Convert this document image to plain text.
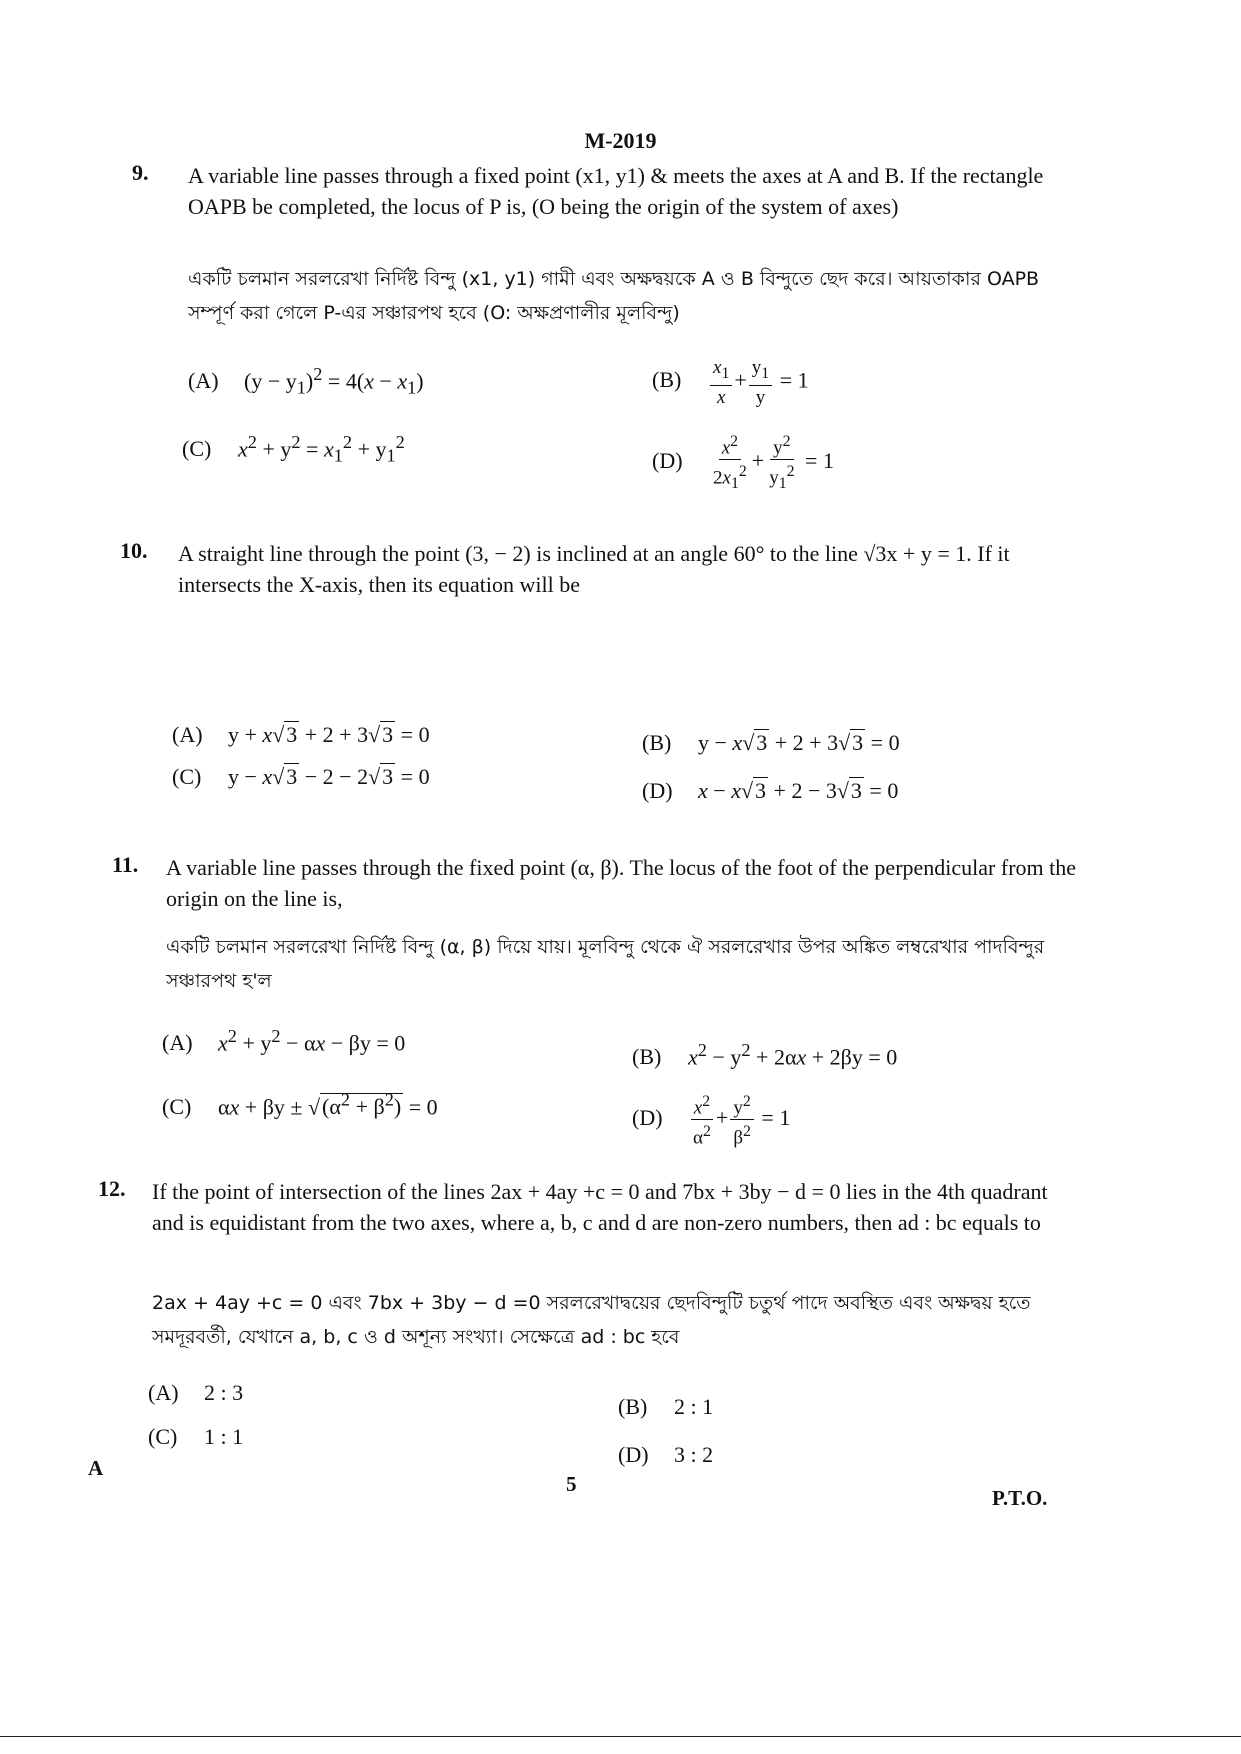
M-2019
9. A variable line passes through a fixed point (x1, y1) & meets the axes at A and B. If the rectangle OAPB be completed, the locus of P is, (O being the origin of the system of axes)
একটি চলমান সরলরেখা নির্দিষ্ট বিন্দু (x1, y1) গামী এবং অক্ষদ্বয়কে A ও B বিন্দুতে ছেদ করে। আয়তাকার OAPB সম্পূর্ণ করা গেলে P-এর সঞ্চারপথ হবে (O: অক্ষপ্রণালীর মূলবিন্দু)
(A) $(y - y_1)^2 = 4(x - x_1)$	$(B) \frac{x_1}{x} + \frac{y_1}{y} = 1$
(C) $x^2 + y^2 = x_1^2 + y_1^2$
$(D) \frac{x^2}{2x_1^2} + \frac{y^2}{y_1^2} = 1$
10. A straight line through the point (3, − 2) is inclined at an angle 60° to the line √3x + y = 1. If it intersects the X-axis, then its equation will be
(A) y + x√3 + 2 + 3√3 = 0	(B) y − x√3 + 2 + 3√3 = 0
(C) y − x√3 − 2 − 2√3 = 0
(D) x − x√3 + 2 − 3√3 = 0
11. A variable line passes through the fixed point (α, β). The locus of the foot of the perpendicular from the origin on the line is,
একটি চলমান সরলরেখা নির্দিষ্ট বিন্দু (α, β) দিয়ে যায়। মূলবিন্দু থেকে ঐ সরলরেখার উপর অঙ্কিত লম্বরেখার পাদবিন্দুর সঞ্চারপথ হ'ল
(A) $x^2 + y^2 - \alpha x - \beta y = 0$
(B) $x^2 - y^2 + 2\alpha x + 2\beta y = 0$
(C) $\alpha x + \beta y \pm √(\alpha^2 + \beta^2) = 0$	$(D) \frac{x^2}{\alpha^2} + \frac{y^2}{\beta^2} = 1$
12. If the point of intersection of the lines 2ax + 4ay +c = 0 and 7bx + 3by − d = 0 lies in the 4th quadrant and is equidistant from the two axes, where a, b, c and d are non-zero numbers, then ad : bc equals to
2ax + 4ay +c = 0 এবং 7bx + 3by − d =0 সরলরেখাদ্বয়ের ছেদবিন্দুটি চতুর্থ পাদে অবস্থিত এবং অক্ষদ্বয় হতে সমদূরবর্তী, যেখানে a, b, c ও d অশূন্য সংখ্যা। সেক্ষেত্রে ad : bc হবে
(A) 2 : 3
(B) 2 : 1
(C) 1 : 1
(D) 3 : 2
A
5
P.T.O.
